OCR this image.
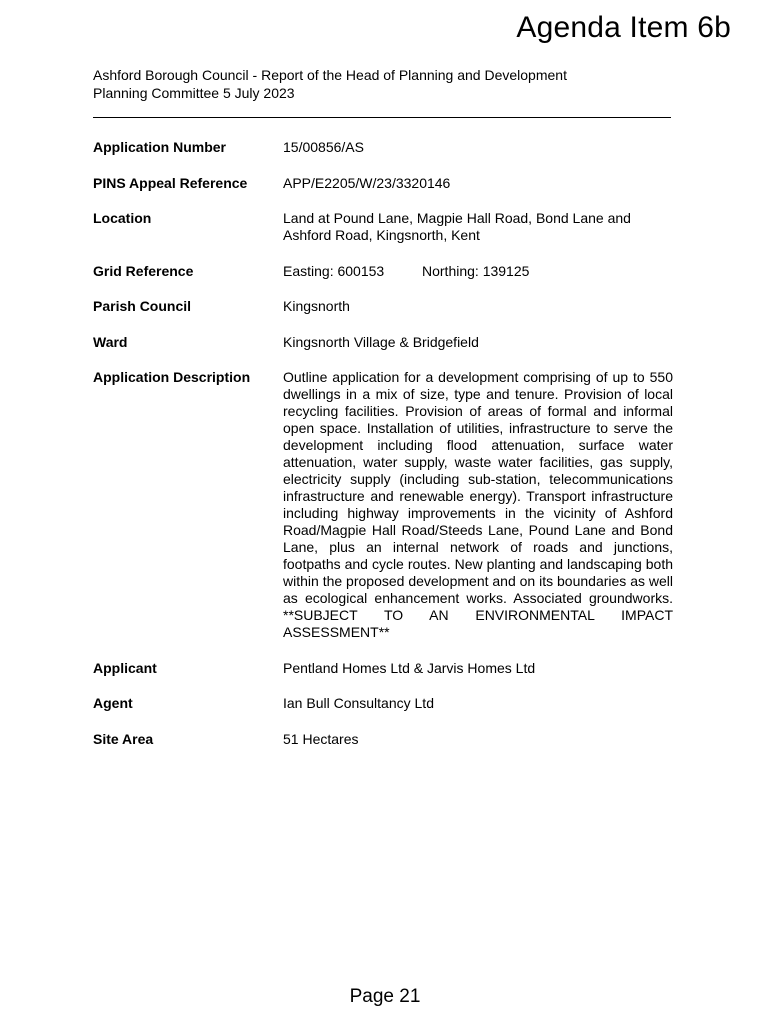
Agenda Item 6b
Ashford Borough Council - Report of the Head of Planning and Development
Planning Committee 5 July 2023
Application Number	15/00856/AS
PINS Appeal Reference	APP/E2205/W/23/3320146
Location	Land at Pound Lane, Magpie Hall Road, Bond Lane and Ashford Road, Kingsnorth, Kent
Grid Reference	Easting: 600153	Northing: 139125
Parish Council	Kingsnorth
Ward	Kingsnorth Village & Bridgefield
Application Description	Outline application for a development comprising of up to 550 dwellings in a mix of size, type and tenure. Provision of local recycling facilities. Provision of areas of formal and informal open space. Installation of utilities, infrastructure to serve the development including flood attenuation, surface water attenuation, water supply, waste water facilities, gas supply, electricity supply (including sub-station, telecommunications infrastructure and renewable energy). Transport infrastructure including highway improvements in the vicinity of Ashford Road/Magpie Hall Road/Steeds Lane, Pound Lane and Bond Lane, plus an internal network of roads and junctions, footpaths and cycle routes. New planting and landscaping both within the proposed development and on its boundaries as well as ecological enhancement works. Associated groundworks. **SUBJECT TO AN ENVIRONMENTAL IMPACT ASSESSMENT**
Applicant	Pentland Homes Ltd & Jarvis Homes Ltd
Agent	Ian Bull Consultancy Ltd
Site Area	51 Hectares
Page 21
